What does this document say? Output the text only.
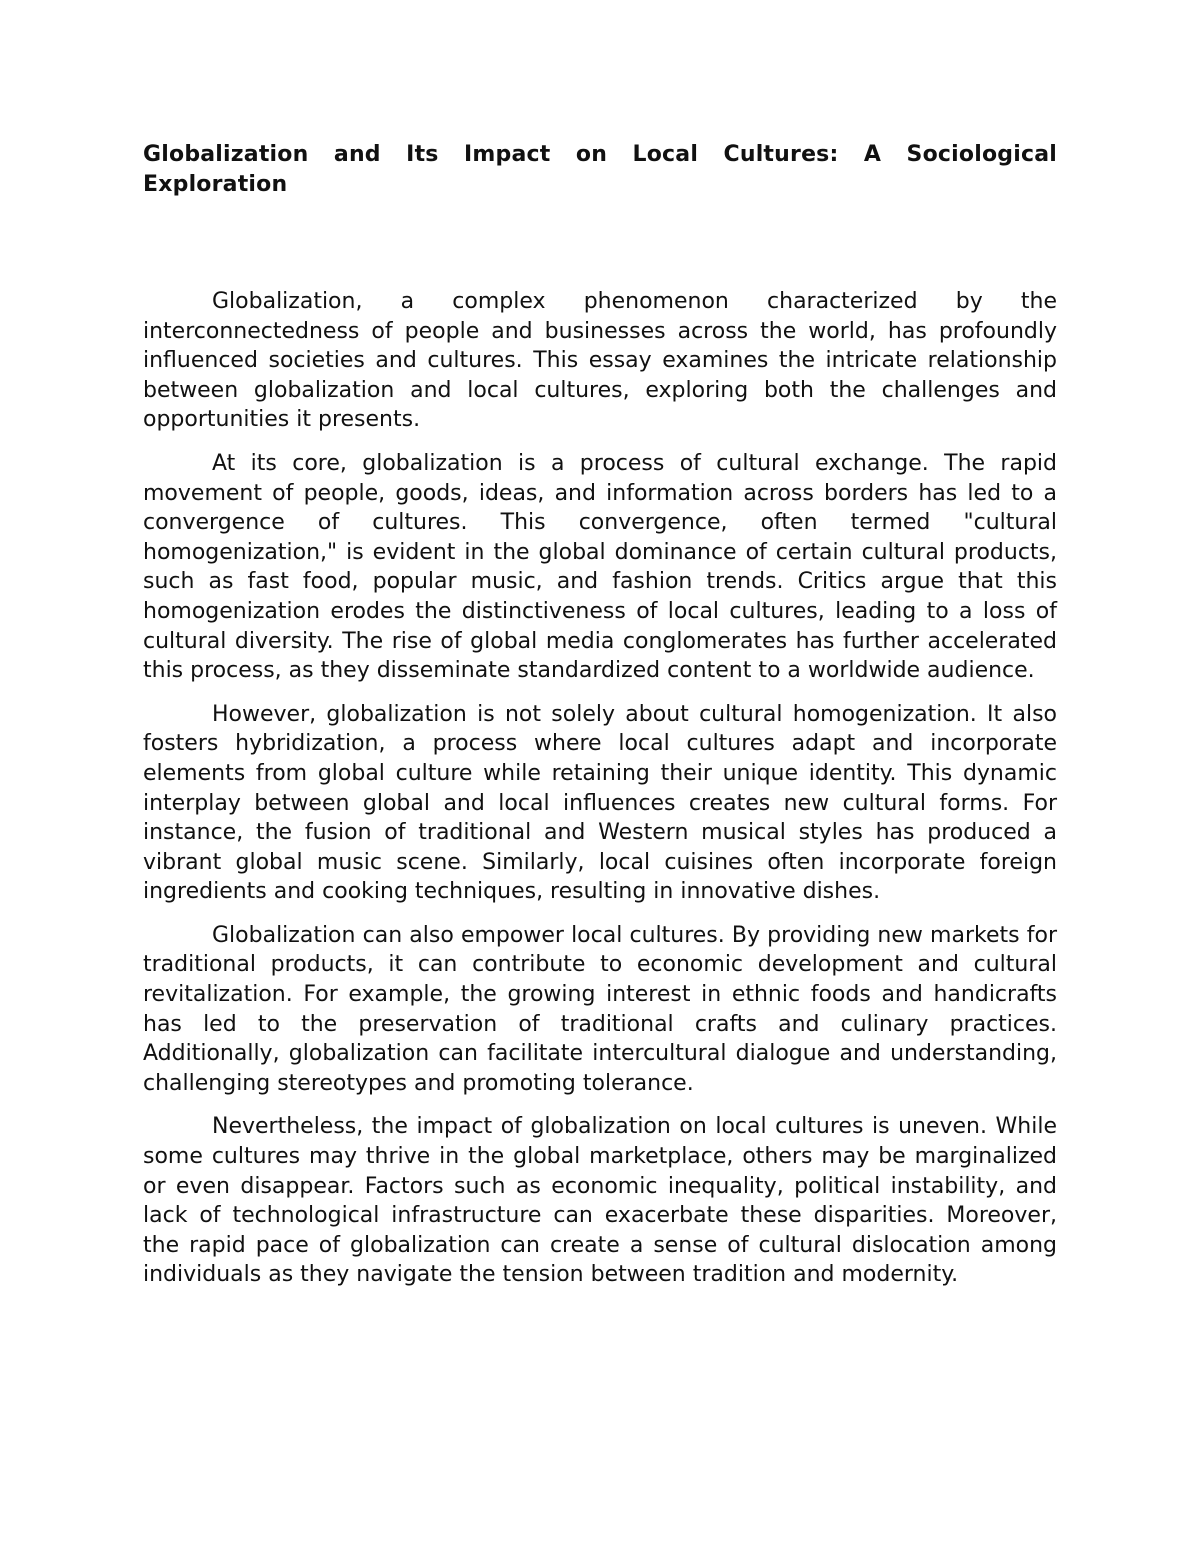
Globalization and Its Impact on Local Cultures: A Sociological Exploration

Globalization, a complex phenomenon characterized by the interconnectedness of people and businesses across the world, has profoundly influenced societies and cultures. This essay examines the intricate relationship between globalization and local cultures, exploring both the challenges and opportunities it presents.

At its core, globalization is a process of cultural exchange. The rapid movement of people, goods, ideas, and information across borders has led to a convergence of cultures. This convergence, often termed "cultural homogenization," is evident in the global dominance of certain cultural products, such as fast food, popular music, and fashion trends. Critics argue that this homogenization erodes the distinctiveness of local cultures, leading to a loss of cultural diversity. The rise of global media conglomerates has further accelerated this process, as they disseminate standardized content to a worldwide audience.

However, globalization is not solely about cultural homogenization. It also fosters hybridization, a process where local cultures adapt and incorporate elements from global culture while retaining their unique identity. This dynamic interplay between global and local influences creates new cultural forms. For instance, the fusion of traditional and Western musical styles has produced a vibrant global music scene. Similarly, local cuisines often incorporate foreign ingredients and cooking techniques, resulting in innovative dishes.

Globalization can also empower local cultures. By providing new markets for traditional products, it can contribute to economic development and cultural revitalization. For example, the growing interest in ethnic foods and handicrafts has led to the preservation of traditional crafts and culinary practices. Additionally, globalization can facilitate intercultural dialogue and understanding, challenging stereotypes and promoting tolerance.

Nevertheless, the impact of globalization on local cultures is uneven. While some cultures may thrive in the global marketplace, others may be marginalized or even disappear. Factors such as economic inequality, political instability, and lack of technological infrastructure can exacerbate these disparities. Moreover, the rapid pace of globalization can create a sense of cultural dislocation among individuals as they navigate the tension between tradition and modernity.
